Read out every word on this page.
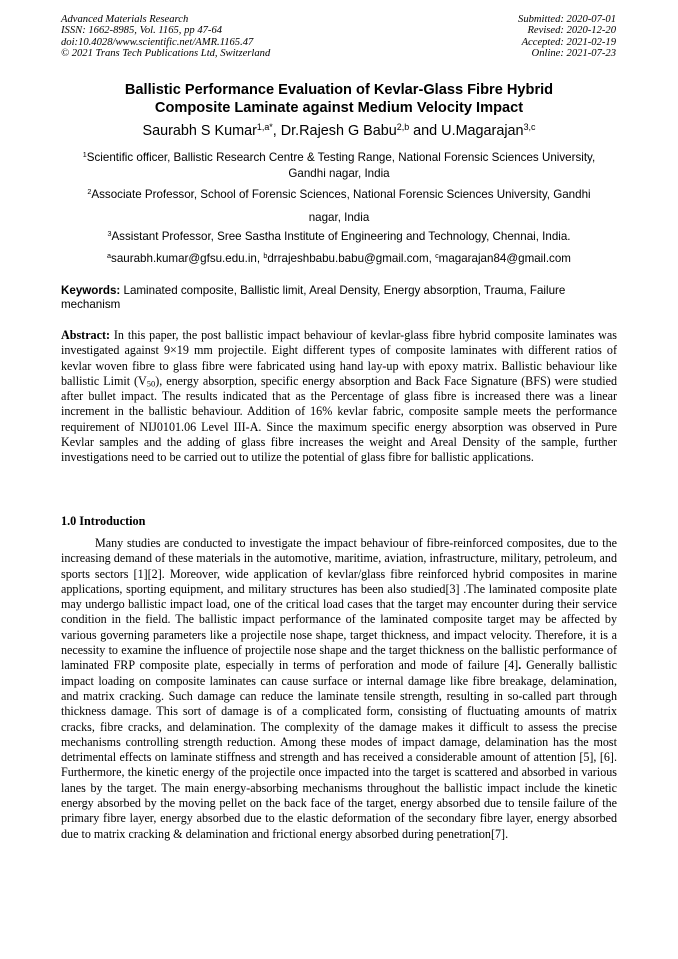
Advanced Materials Research
ISSN: 1662-8985, Vol. 1165, pp 47-64
doi:10.4028/www.scientific.net/AMR.1165.47
© 2021 Trans Tech Publications Ltd, Switzerland
Submitted: 2020-07-01
Revised: 2020-12-20
Accepted: 2021-02-19
Online: 2021-07-23
Ballistic Performance Evaluation of Kevlar-Glass Fibre Hybrid
Composite Laminate against Medium Velocity Impact
Saurabh S Kumar$^{1,a*}$, Dr.Rajesh G Babu$^{2,b}$ and U.Magarajan$^{3,c}$
$^1$Scientific officer, Ballistic Research Centre & Testing Range, National Forensic Sciences University, Gandhi nagar, India
$^2$Associate Professor, School of Forensic Sciences, National Forensic Sciences University, Gandhi nagar, India
$^3$Assistant Professor, Sree Sastha Institute of Engineering and Technology, Chennai, India.
$^a$saurabh.kumar@gfsu.edu.in, $^b$drrajeshbabu.babu@gmail.com, $^c$magarajan84@gmail.com
Keywords: Laminated composite, Ballistic limit, Areal Density, Energy absorption, Trauma, Failure mechanism
Abstract: In this paper, the post ballistic impact behaviour of kevlar-glass fibre hybrid composite laminates was investigated against 9×19 mm projectile. Eight different types of composite laminates with different ratios of kevlar woven fibre to glass fibre were fabricated using hand lay-up with epoxy matrix. Ballistic behaviour like ballistic Limit $(V_{50})$, energy absorption, specific energy absorption and Back Face Signature (BFS) were studied after bullet impact. The results indicated that as the Percentage of glass fibre is increased there was a linear increment in the ballistic behaviour. Addition of 16% kevlar fabric, composite sample meets the performance requirement of NIJ0101.06 Level III-A. Since the maximum specific energy absorption was observed in Pure Kevlar samples and the adding of glass fibre increases the weight and Areal Density of the sample, further investigations need to be carried out to utilize the potential of glass fibre for ballistic applications.
1.0 Introduction
Many studies are conducted to investigate the impact behaviour of fibre-reinforced composites, due to the increasing demand of these materials in the automotive, maritime, aviation, infrastructure, military, petroleum, and sports sectors [1][2]. Moreover, wide application of kevlar/glass fibre reinforced hybrid composites in marine applications, sporting equipment, and military structures has been also studied[3] .The laminated composite plate may undergo ballistic impact load, one of the critical load cases that the target may encounter during their service condition in the field. The ballistic impact performance of the laminated composite target may be affected by various governing parameters like a projectile nose shape, target thickness, and impact velocity. Therefore, it is a necessity to examine the influence of projectile nose shape and the target thickness on the ballistic performance of laminated FRP composite plate, especially in terms of perforation and mode of failure [4]. Generally ballistic impact loading on composite laminates can cause surface or internal damage like fibre breakage, delamination, and matrix cracking. Such damage can reduce the laminate tensile strength, resulting in so-called part through thickness damage. This sort of damage is of a complicated form, consisting of fluctuating amounts of matrix cracks, fibre cracks, and delamination. The complexity of the damage makes it difficult to assess the precise mechanisms controlling strength reduction. Among these modes of impact damage, delamination has the most detrimental effects on laminate stiffness and strength and has received a considerable amount of attention [5], [6]. Furthermore, the kinetic energy of the projectile once impacted into the target is scattered and absorbed in various lanes by the target. The main energy-absorbing mechanisms throughout the ballistic impact include the kinetic energy absorbed by the moving pellet on the back face of the target, energy absorbed due to tensile failure of the primary fibre layer, energy absorbed due to the elastic deformation of the secondary fibre layer, energy absorbed due to matrix cracking & delamination and frictional energy absorbed during penetration[7].
